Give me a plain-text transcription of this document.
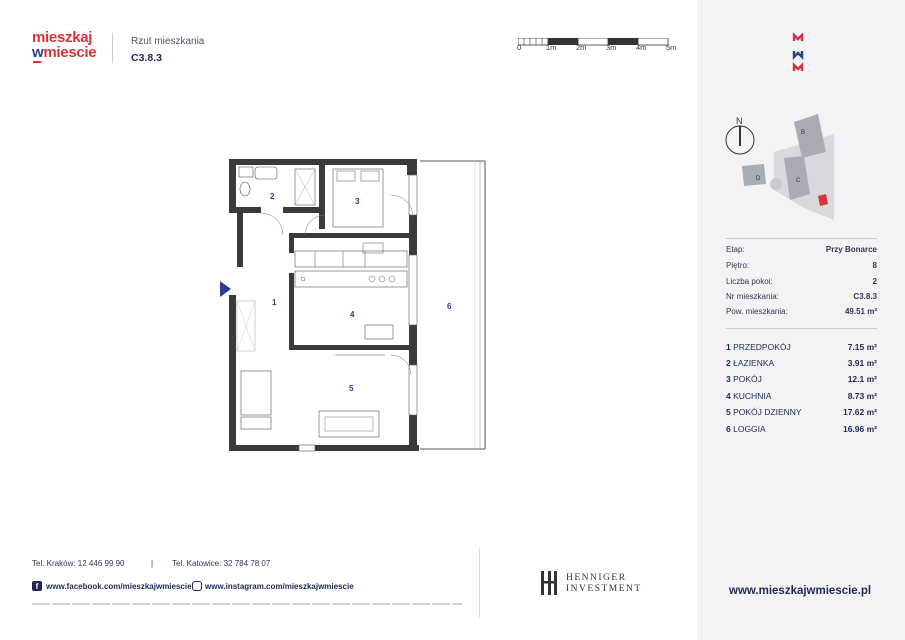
mieszkaj
wmiescie
Rzut mieszkania
C3.8.3
0	1m	2m	3m	4m	5m
1
2
3
4
5
6
N
B
C
D
Etap:	Przy Bonarce
Piętro:	8
Liczba pokoi:	2
Nr mieszkania:	C3.8.3
Pow. mieszkania:	49.51 m²
1 PRZEDPOKÓJ	7.15 m²
2 ŁAZIENKA	3.91 m²
3 POKÓJ	12.1 m²
4 KUCHNIA	8.73 m²
5 POKÓJ DZIENNY	17.62 m²
6 LOGGIA	16.96 m²
Tel. Kraków: 12 446 99 90	| Tel. Katowice: 32 784 78 07
f www.facebook.com/mieszkajwmiescie www.instagram.com/mieszkajwmiescie
HENNIGER
INVESTMENT	www.mieszkajwmiescie.pl
